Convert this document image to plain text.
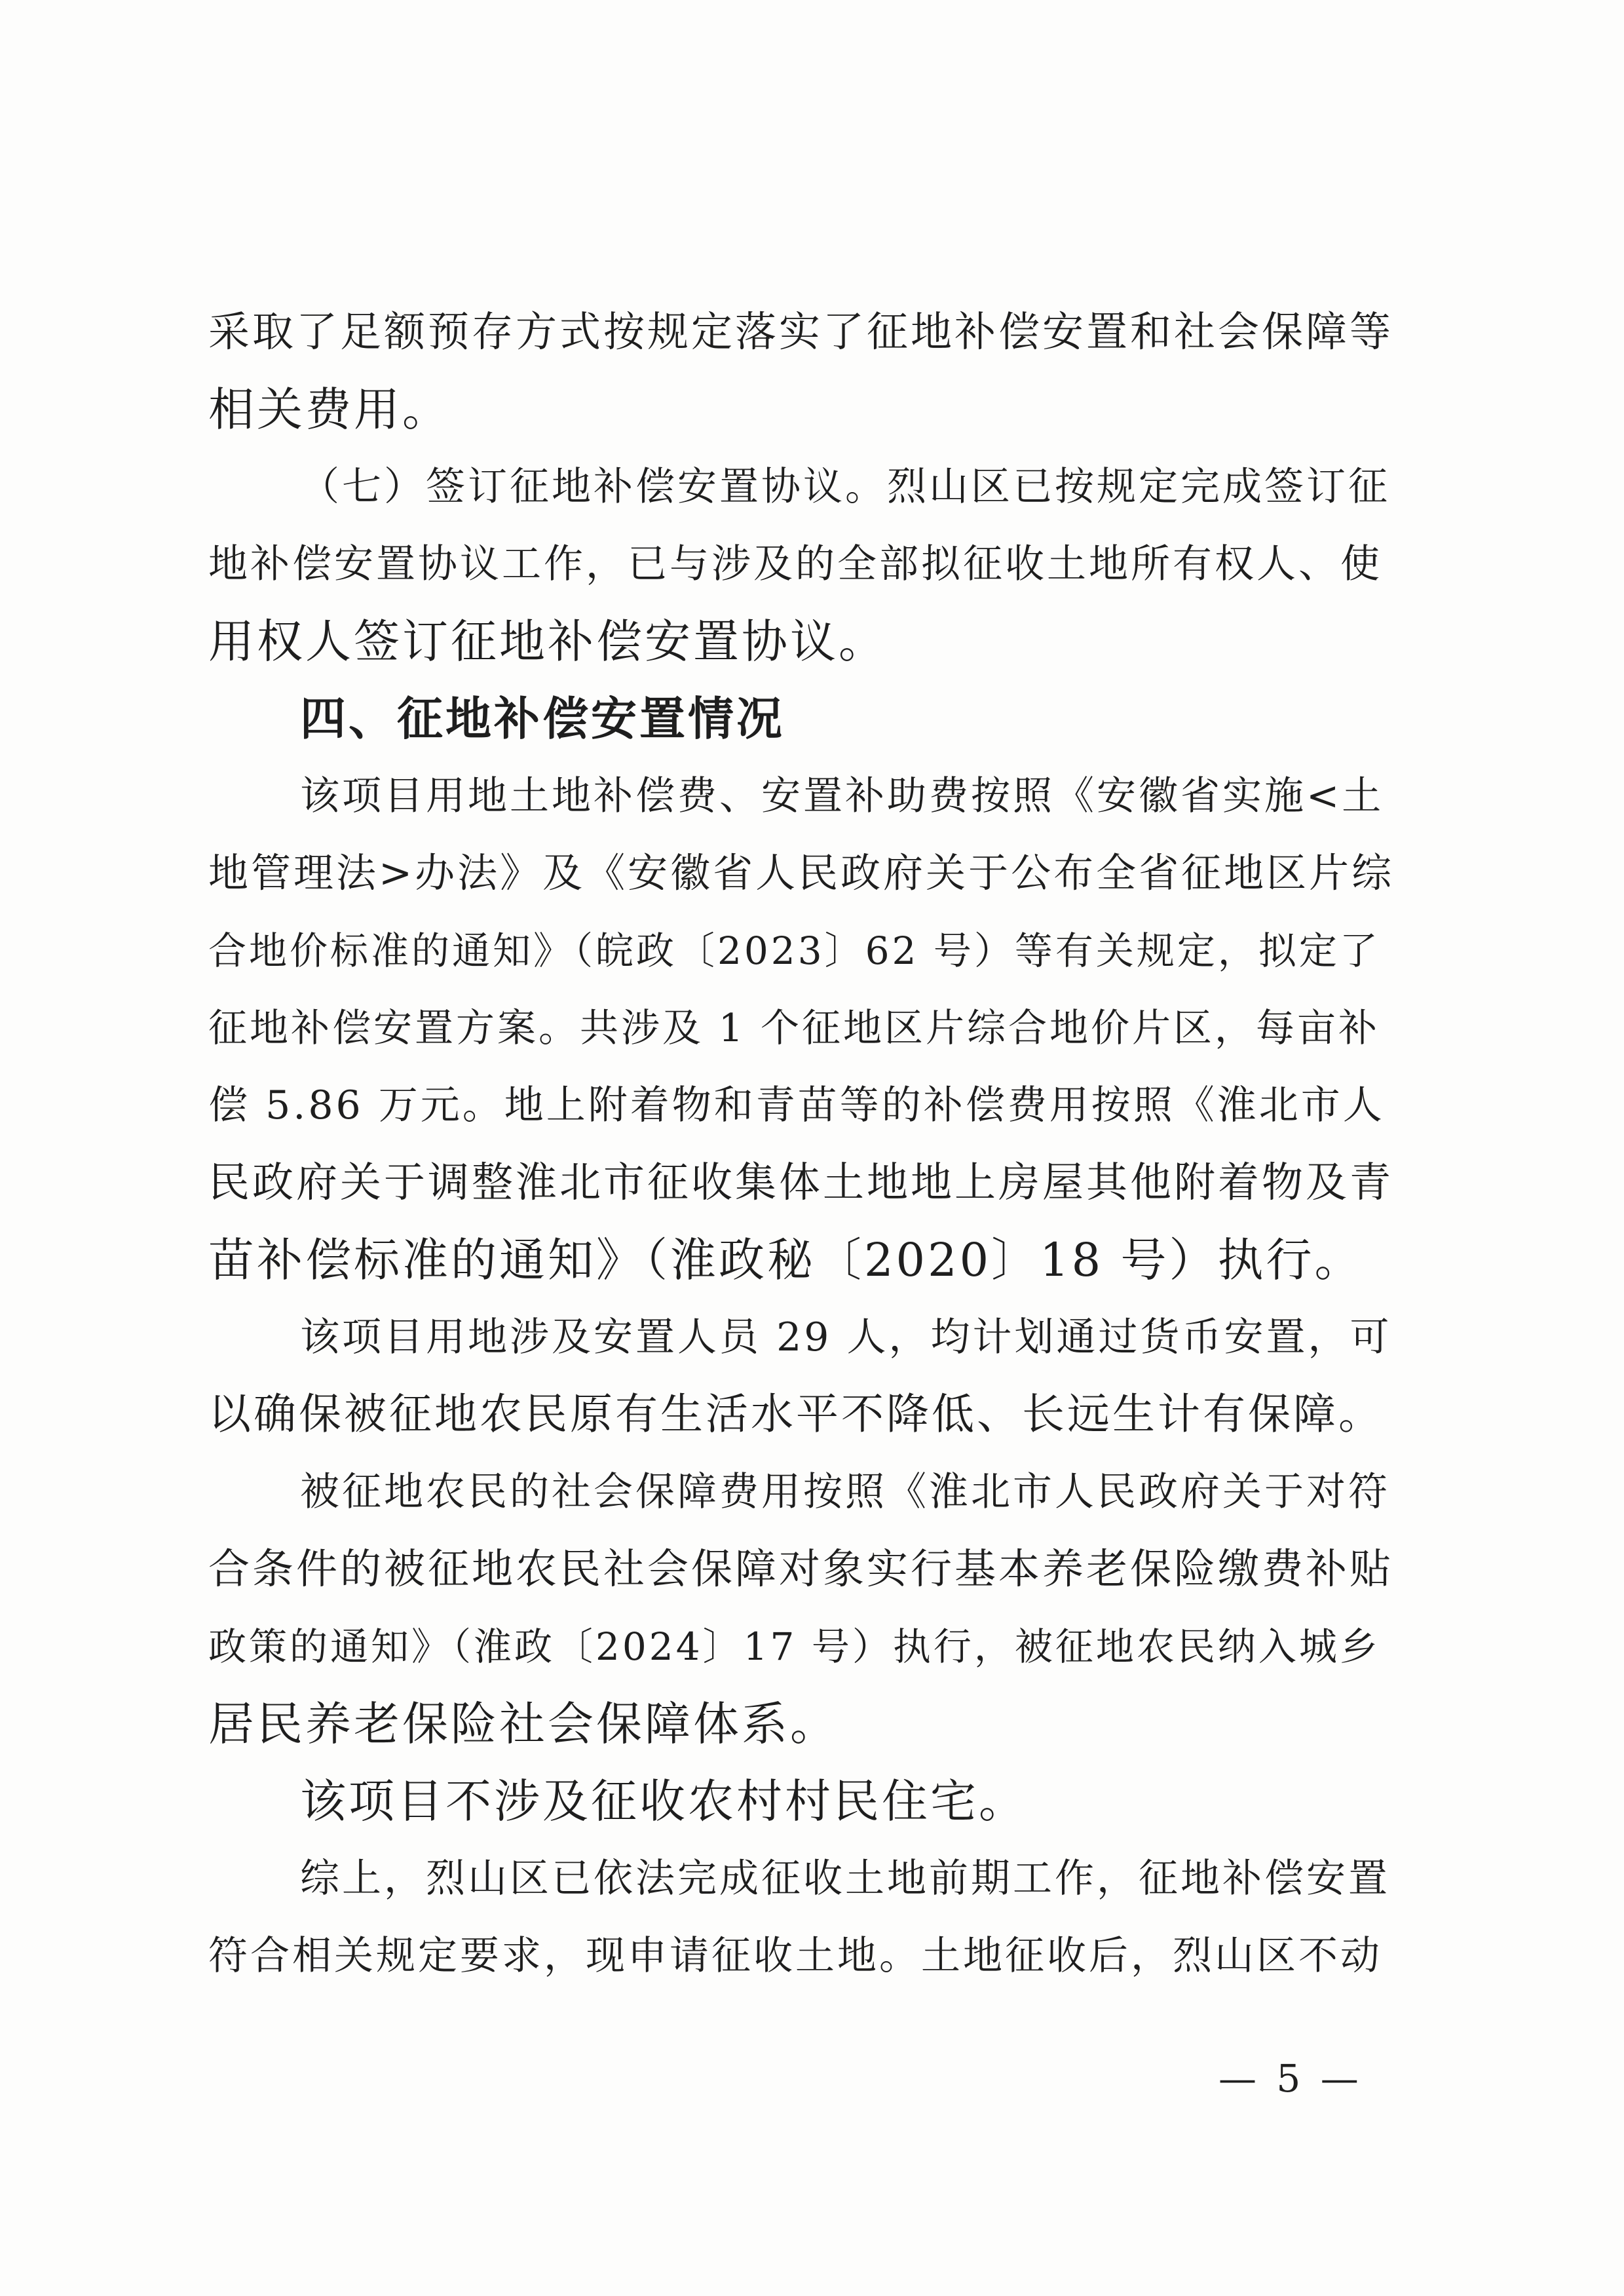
采取了足额预存方式按规定落实了征地补偿安置和社会保障等
相关费用。
（七）签订征地补偿安置协议。烈山区已按规定完成签订征
地补偿安置协议工作，已与涉及的全部拟征收土地所有权人、使
用权人签订征地补偿安置协议。
四、征地补偿安置情况
该项目用地土地补偿费、安置补助费按照《安徽省实施<土
地管理法>办法》及《安徽省人民政府关于公布全省征地区片综
合地价标准的通知》（皖政〔2023〕62 号）等有关规定，拟定了
征地补偿安置方案。共涉及 1 个征地区片综合地价片区，每亩补
偿 5.86 万元。地上附着物和青苗等的补偿费用按照《淮北市人
民政府关于调整淮北市征收集体土地地上房屋其他附着物及青
苗补偿标准的通知》（淮政秘〔2020〕18 号）执行。
该项目用地涉及安置人员 29 人，均计划通过货币安置，可
以确保被征地农民原有生活水平不降低、长远生计有保障。
被征地农民的社会保障费用按照《淮北市人民政府关于对符
合条件的被征地农民社会保障对象实行基本养老保险缴费补贴
政策的通知》（淮政〔2024〕17 号）执行，被征地农民纳入城乡
居民养老保险社会保障体系。
该项目不涉及征收农村村民住宅。
综上，烈山区已依法完成征收土地前期工作，征地补偿安置
符合相关规定要求，现申请征收土地。土地征收后，烈山区不动
— 5 —
